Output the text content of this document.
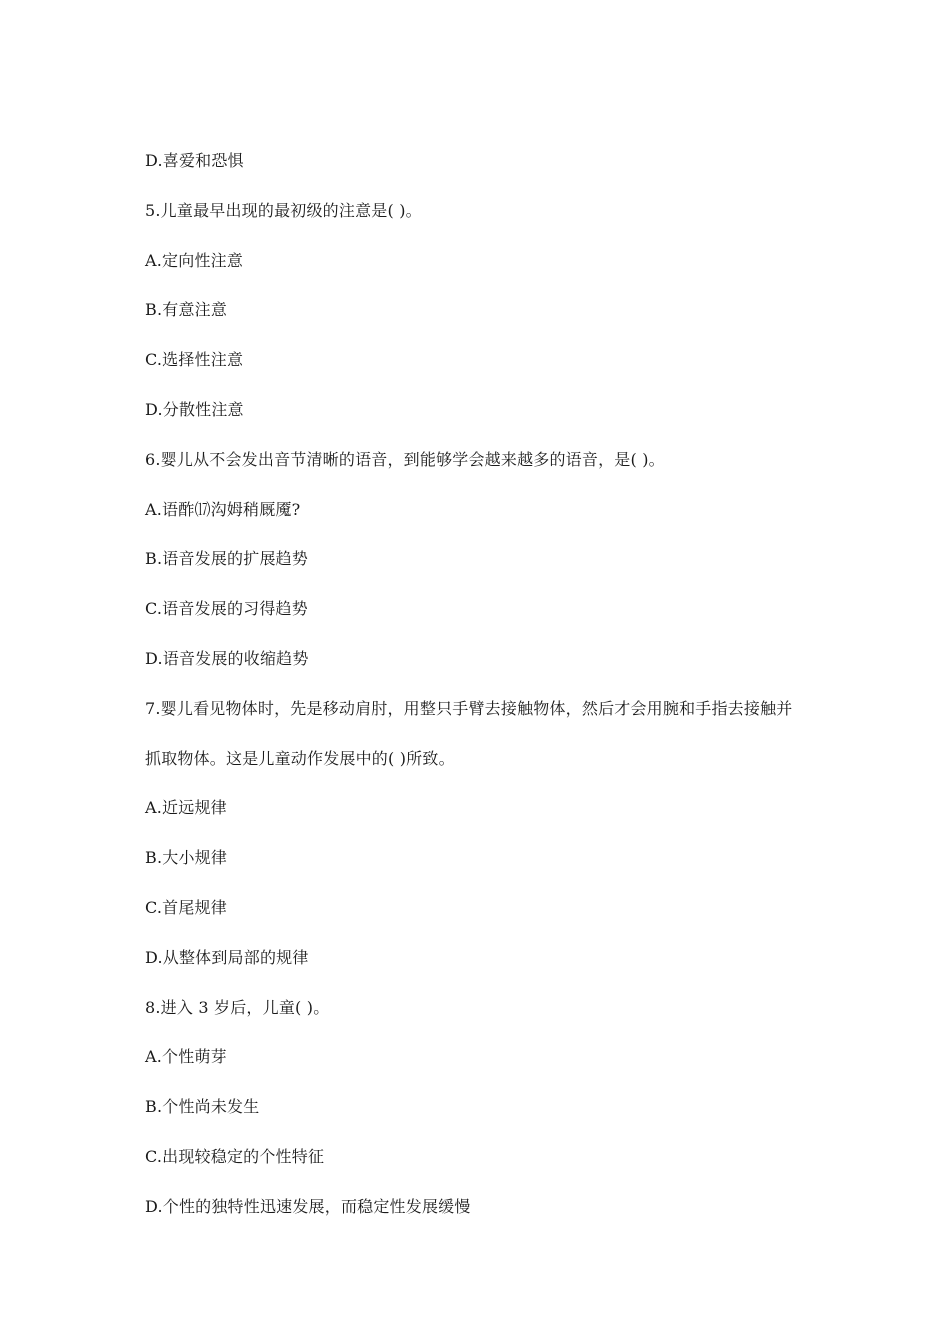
D.喜爱和恐惧
5.儿童最早出现的最初级的注意是( )。
A.定向性注意
B.有意注意
C.选择性注意
D.分散性注意
6.婴儿从不会发出音节清晰的语音，到能够学会越来越多的语音，是( )。
A.语酢⒄沟姆稍厩魇?
B.语音发展的扩展趋势
C.语音发展的习得趋势
D.语音发展的收缩趋势
7.婴儿看见物体时，先是移动肩肘，用整只手臂去接触物体，然后才会用腕和手指去接触并
抓取物体。这是儿童动作发展中的( )所致。
A.近远规律
B.大小规律
C.首尾规律
D.从整体到局部的规律
8.进入 3 岁后，儿童( )。
A.个性萌芽
B.个性尚未发生
C.出现较稳定的个性特征
D.个性的独特性迅速发展，而稳定性发展缓慢
